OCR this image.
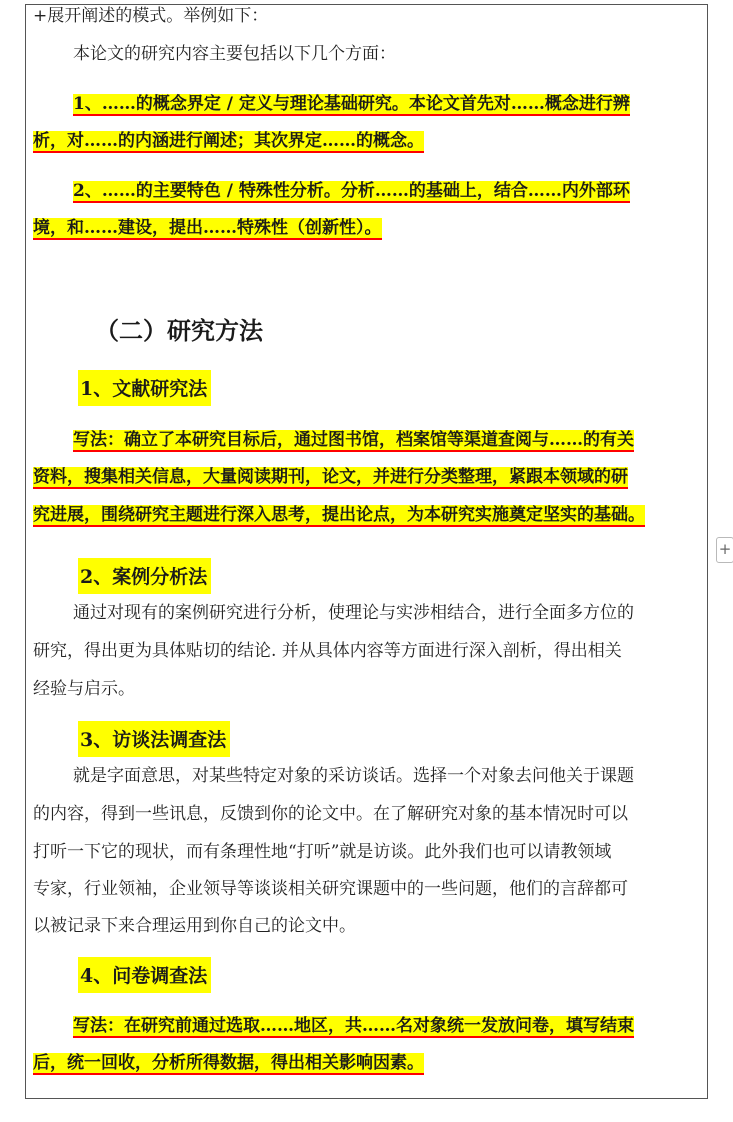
+
+展开阐述的模式。举例如下：
本论文的研究内容主要包括以下几个方面：
1、……的概念界定 / 定义与理论基础研究。本论文首先对……概念进行辨
析，对……的内涵进行阐述；其次界定……的概念。
2、……的主要特色 / 特殊性分析。分析……的基础上，结合……内外部环
境，和……建设，提出……特殊性（创新性）。
（二）研究方法
1、文献研究法
写法：确立了本研究目标后，通过图书馆，档案馆等渠道查阅与……的有关
资料，搜集相关信息，大量阅读期刊，论文，并进行分类整理，紧跟本领域的研
究进展，围绕研究主题进行深入思考，提出论点，为本研究实施奠定坚实的基础。
2、案例分析法
通过对现有的案例研究进行分析，使理论与实涉相结合，进行全面多方位的
研究，得出更为具体贴切的结论. 并从具体内容等方面进行深入剖析，得出相关
经验与启示。
3、访谈法调查法
就是字面意思，对某些特定对象的采访谈话。选择一个对象去问他关于课题
的内容，得到一些讯息，反馈到你的论文中。在了解研究对象的基本情况时可以
打听一下它的现状，而有条理性地“打听”就是访谈。此外我们也可以请教领域
专家，行业领袖，企业领导等谈谈相关研究课题中的一些问题，他们的言辞都可
以被记录下来合理运用到你自己的论文中。
4、问卷调查法
写法：在研究前通过选取……地区，共……名对象统一发放问卷，填写结束
后，统一回收，分析所得数据，得出相关影响因素。
